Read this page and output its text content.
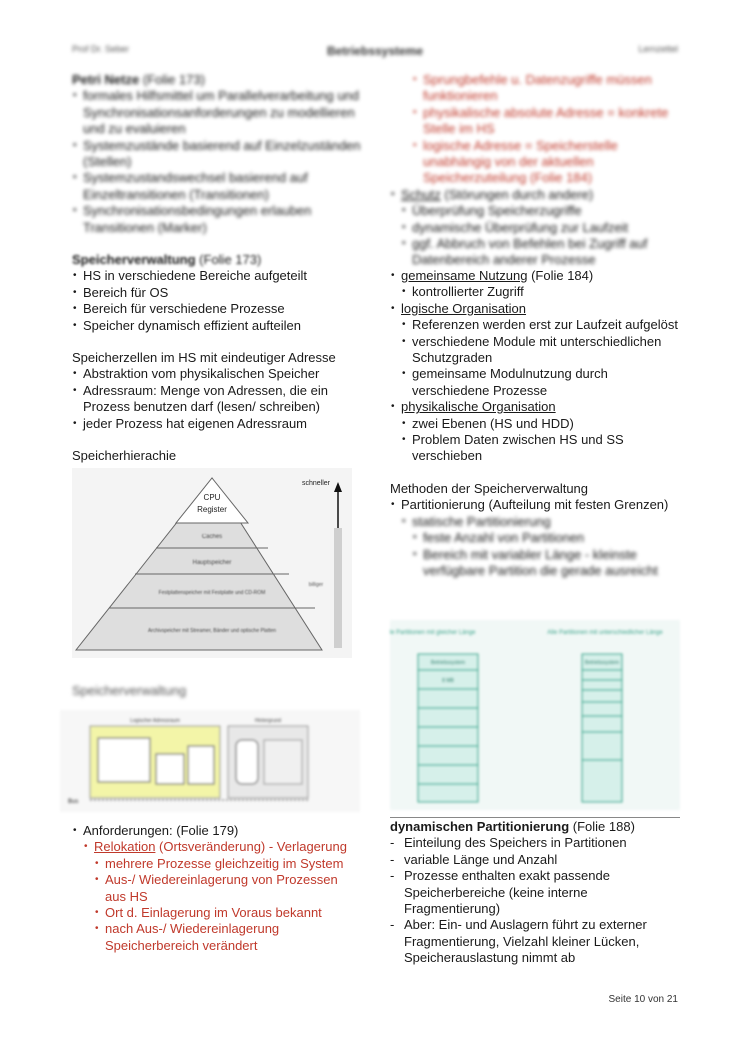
Prof Dr. Seber	Betriebssysteme	Lernzettel

Petri Netze (Folie 173)

• formales Hilfsmittel um Parallelverarbeitung und Synchronisationsanforderungen zu modellieren und zu evaluieren
• Systemzustände basierend auf Einzelzuständen (Stellen)
• Systemzustandswechsel basierend auf Einzeltransitionen (Transitionen)
• Synchronisationsbedingungen erlauben Transitionen (Marker)

Speicherverwaltung (Folie 173)

• HS in verschiedene Bereiche aufgeteilt
• Bereich für OS
• Bereich für verschiedene Prozesse
• Speicher dynamisch effizient aufteilen

Speicherzellen im HS mit eindeutiger Adresse

• Abstraktion vom physikalischen Speicher
• Adressraum: Menge von Adressen, die ein Prozess benutzen darf (lesen/ schreiben)
• jeder Prozess hat eigenen Adressraum

Speicherhierachie

CPU
Register
Caches
Hauptspeicher
Festplattenspeicher mit Festplatte und CD-ROM
Archivspeicher mit Streamer, Bänder und optische Platten
schneller
billiger

Speicherverwaltung

Bus
Logischer Adressraum	Hintergrund
• Anforderungen: (Folie 179)
• Relokation (Ortsveränderung) - Verlagerung
• mehrere Prozesse gleichzeitig im System
• Aus-/ Wiedereinlagerung von Prozessen aus HS
• Ort d. Einlagerung im Voraus bekannt
• nach Aus-/ Wiedereinlagerung Speicherbereich verändert
• Sprungbefehle u. Datenzugriffe müssen funktionieren
• physikalische absolute Adresse = konkrete Stelle im HS
• logische Adresse = Speicherstelle unabhängig von der aktuellen Speicherzuteilung (Folie 184)
• Schutz (Störungen durch andere)
• Überprüfung Speicherzugriffe
• dynamische Überprüfung zur Laufzeit
• ggf. Abbruch von Befehlen bei Zugriff auf Datenbereich anderer Prozesse
• gemeinsame Nutzung (Folie 184)
• kontrollierter Zugriff
• logische Organisation
• Referenzen werden erst zur Laufzeit aufgelöst
• verschiedene Module mit unterschiedlichen Schutzgraden
• gemeinsame Modulnutzung durch verschiedene Prozesse
• physikalische Organisation
• zwei Ebenen (HS und HDD)
• Problem Daten zwischen HS und SS verschieben

Methoden der Speicherverwaltung

• Partitionierung (Aufteilung mit festen Grenzen)
• statische Partitionierung
• feste Anzahl von Partitionen
• Bereich mit variabler Länge - kleinste verfügbare Partition die gerade ausreicht
Alle Partitionen mit gleicher Länge	Alle Partitionen mit unterschiedlicher Länge
Betriebssystem	Betriebssystem
8 MB

dynamischen Partitionierung (Folie 188)

- Einteilung des Speichers in Partitionen
- variable Länge und Anzahl
- Prozesse enthalten exakt passende Speicherbereiche (keine interne Fragmentierung)
- Aber: Ein- und Auslagern führt zu externer Fragmentierung, Vielzahl kleiner Lücken, Speicherauslastung nimmt ab
Seite 10 von 21
